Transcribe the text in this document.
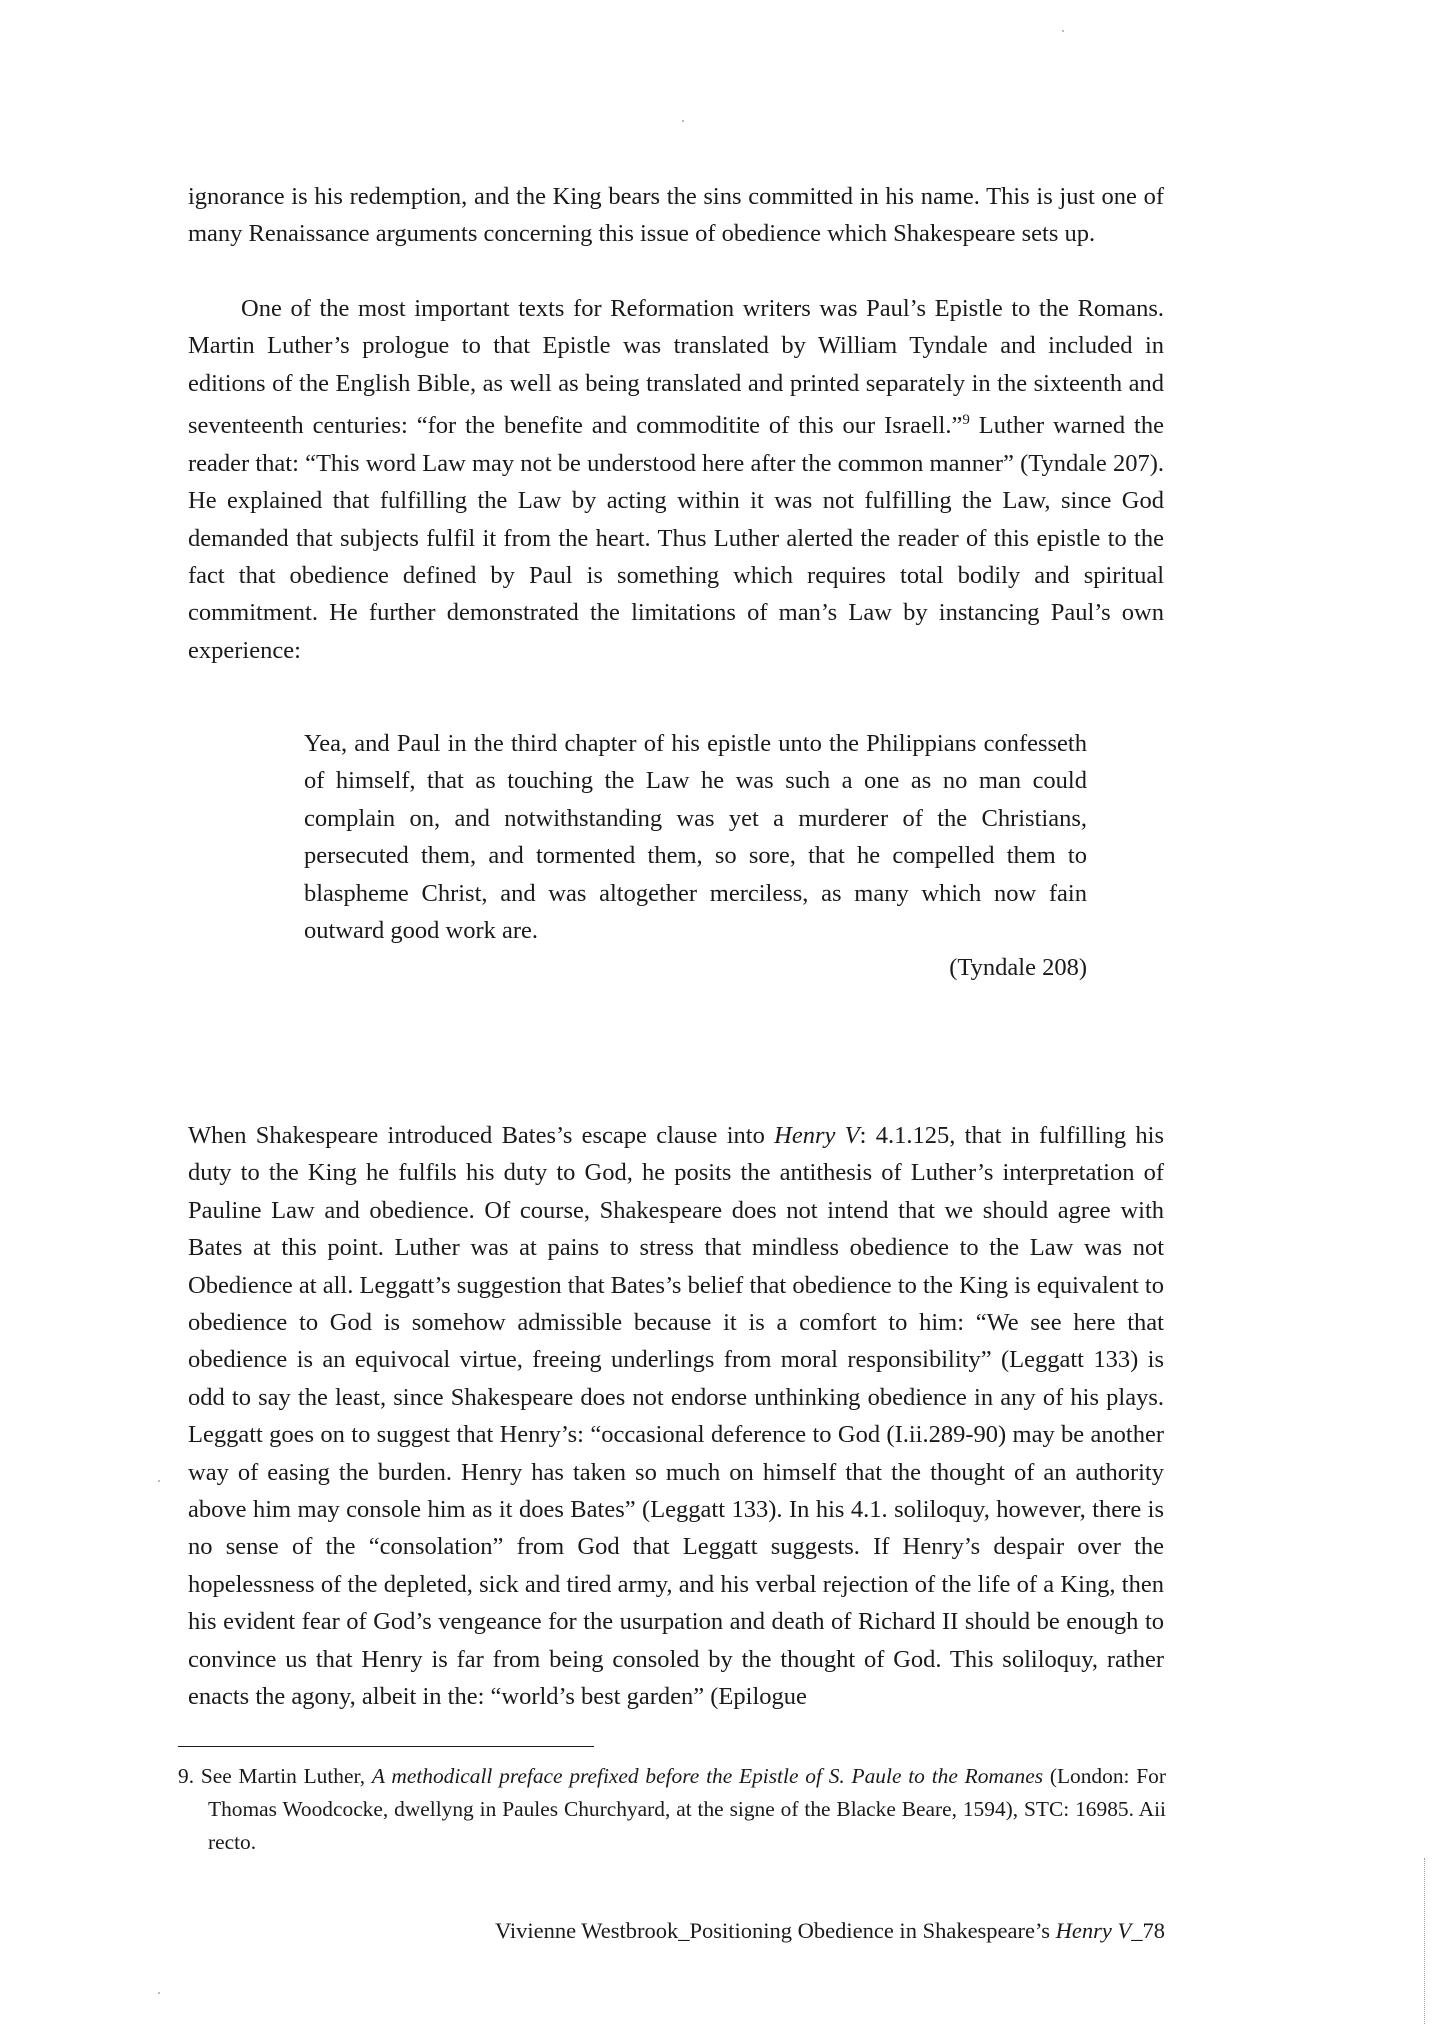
ignorance is his redemption, and the King bears the sins committed in his name. This is just one of many Renaissance arguments concerning this issue of obedience which Shakespeare sets up.

One of the most important texts for Reformation writers was Paul’s Epistle to the Romans. Martin Luther’s prologue to that Epistle was translated by William Tyndale and included in editions of the English Bible, as well as being translated and printed separately in the sixteenth and seventeenth centuries: “for the benefite and commoditite of this our Israell.”$^9$ Luther warned the reader that: “This word Law may not be understood here after the common manner” (Tyndale 207). He explained that fulfilling the Law by acting within it was not fulfilling the Law, since God demanded that subjects fulfil it from the heart. Thus Luther alerted the reader of this epistle to the fact that obedience defined by Paul is something which requires total bodily and spiritual commitment. He further demonstrated the limitations of man’s Law by instancing Paul’s own experience:

Yea, and Paul in the third chapter of his epistle unto the Philippians confesseth of himself, that as touching the Law he was such a one as no man could complain on, and notwithstanding was yet a murderer of the Christians, persecuted them, and tormented them, so sore, that he compelled them to blaspheme Christ, and was altogether merciless, as many which now fain outward good work are.

(Tyndale 208)

When Shakespeare introduced Bates’s escape clause into Henry V: 4.1.125, that in fulfilling his duty to the King he fulfils his duty to God, he posits the antithesis of Luther’s interpretation of Pauline Law and obedience. Of course, Shakespeare does not intend that we should agree with Bates at this point. Luther was at pains to stress that mindless obedience to the Law was not Obedience at all. Leggatt’s suggestion that Bates’s belief that obedience to the King is equivalent to obedience to God is somehow admissible because it is a comfort to him: “We see here that obedience is an equivocal virtue, freeing underlings from moral responsibility” (Leggatt 133) is odd to say the least, since Shakespeare does not endorse unthinking obedience in any of his plays. Leggatt goes on to suggest that Henry’s: “occasional deference to God (I.ii.289-90) may be another way of easing the burden. Henry has taken so much on himself that the thought of an authority above him may console him as it does Bates” (Leggatt 133). In his 4.1. soliloquy, however, there is no sense of the “consolation” from God that Leggatt suggests. If Henry’s despair over the hopelessness of the depleted, sick and tired army, and his verbal rejection of the life of a King, then his evident fear of God’s vengeance for the usurpation and death of Richard II should be enough to convince us that Henry is far from being consoled by the thought of God. This soliloquy, rather enacts the agony, albeit in the: “world’s best garden” (Epilogue

9. See Martin Luther, A methodicall preface prefixed before the Epistle of S. Paule to the Romanes (London: For Thomas Woodcocke, dwellyng in Paules Churchyard, at the signe of the Blacke Beare, 1594), STC: 16985. Aii recto.

Vivienne Westbrook_Positioning Obedience in Shakespeare’s Henry V_78
